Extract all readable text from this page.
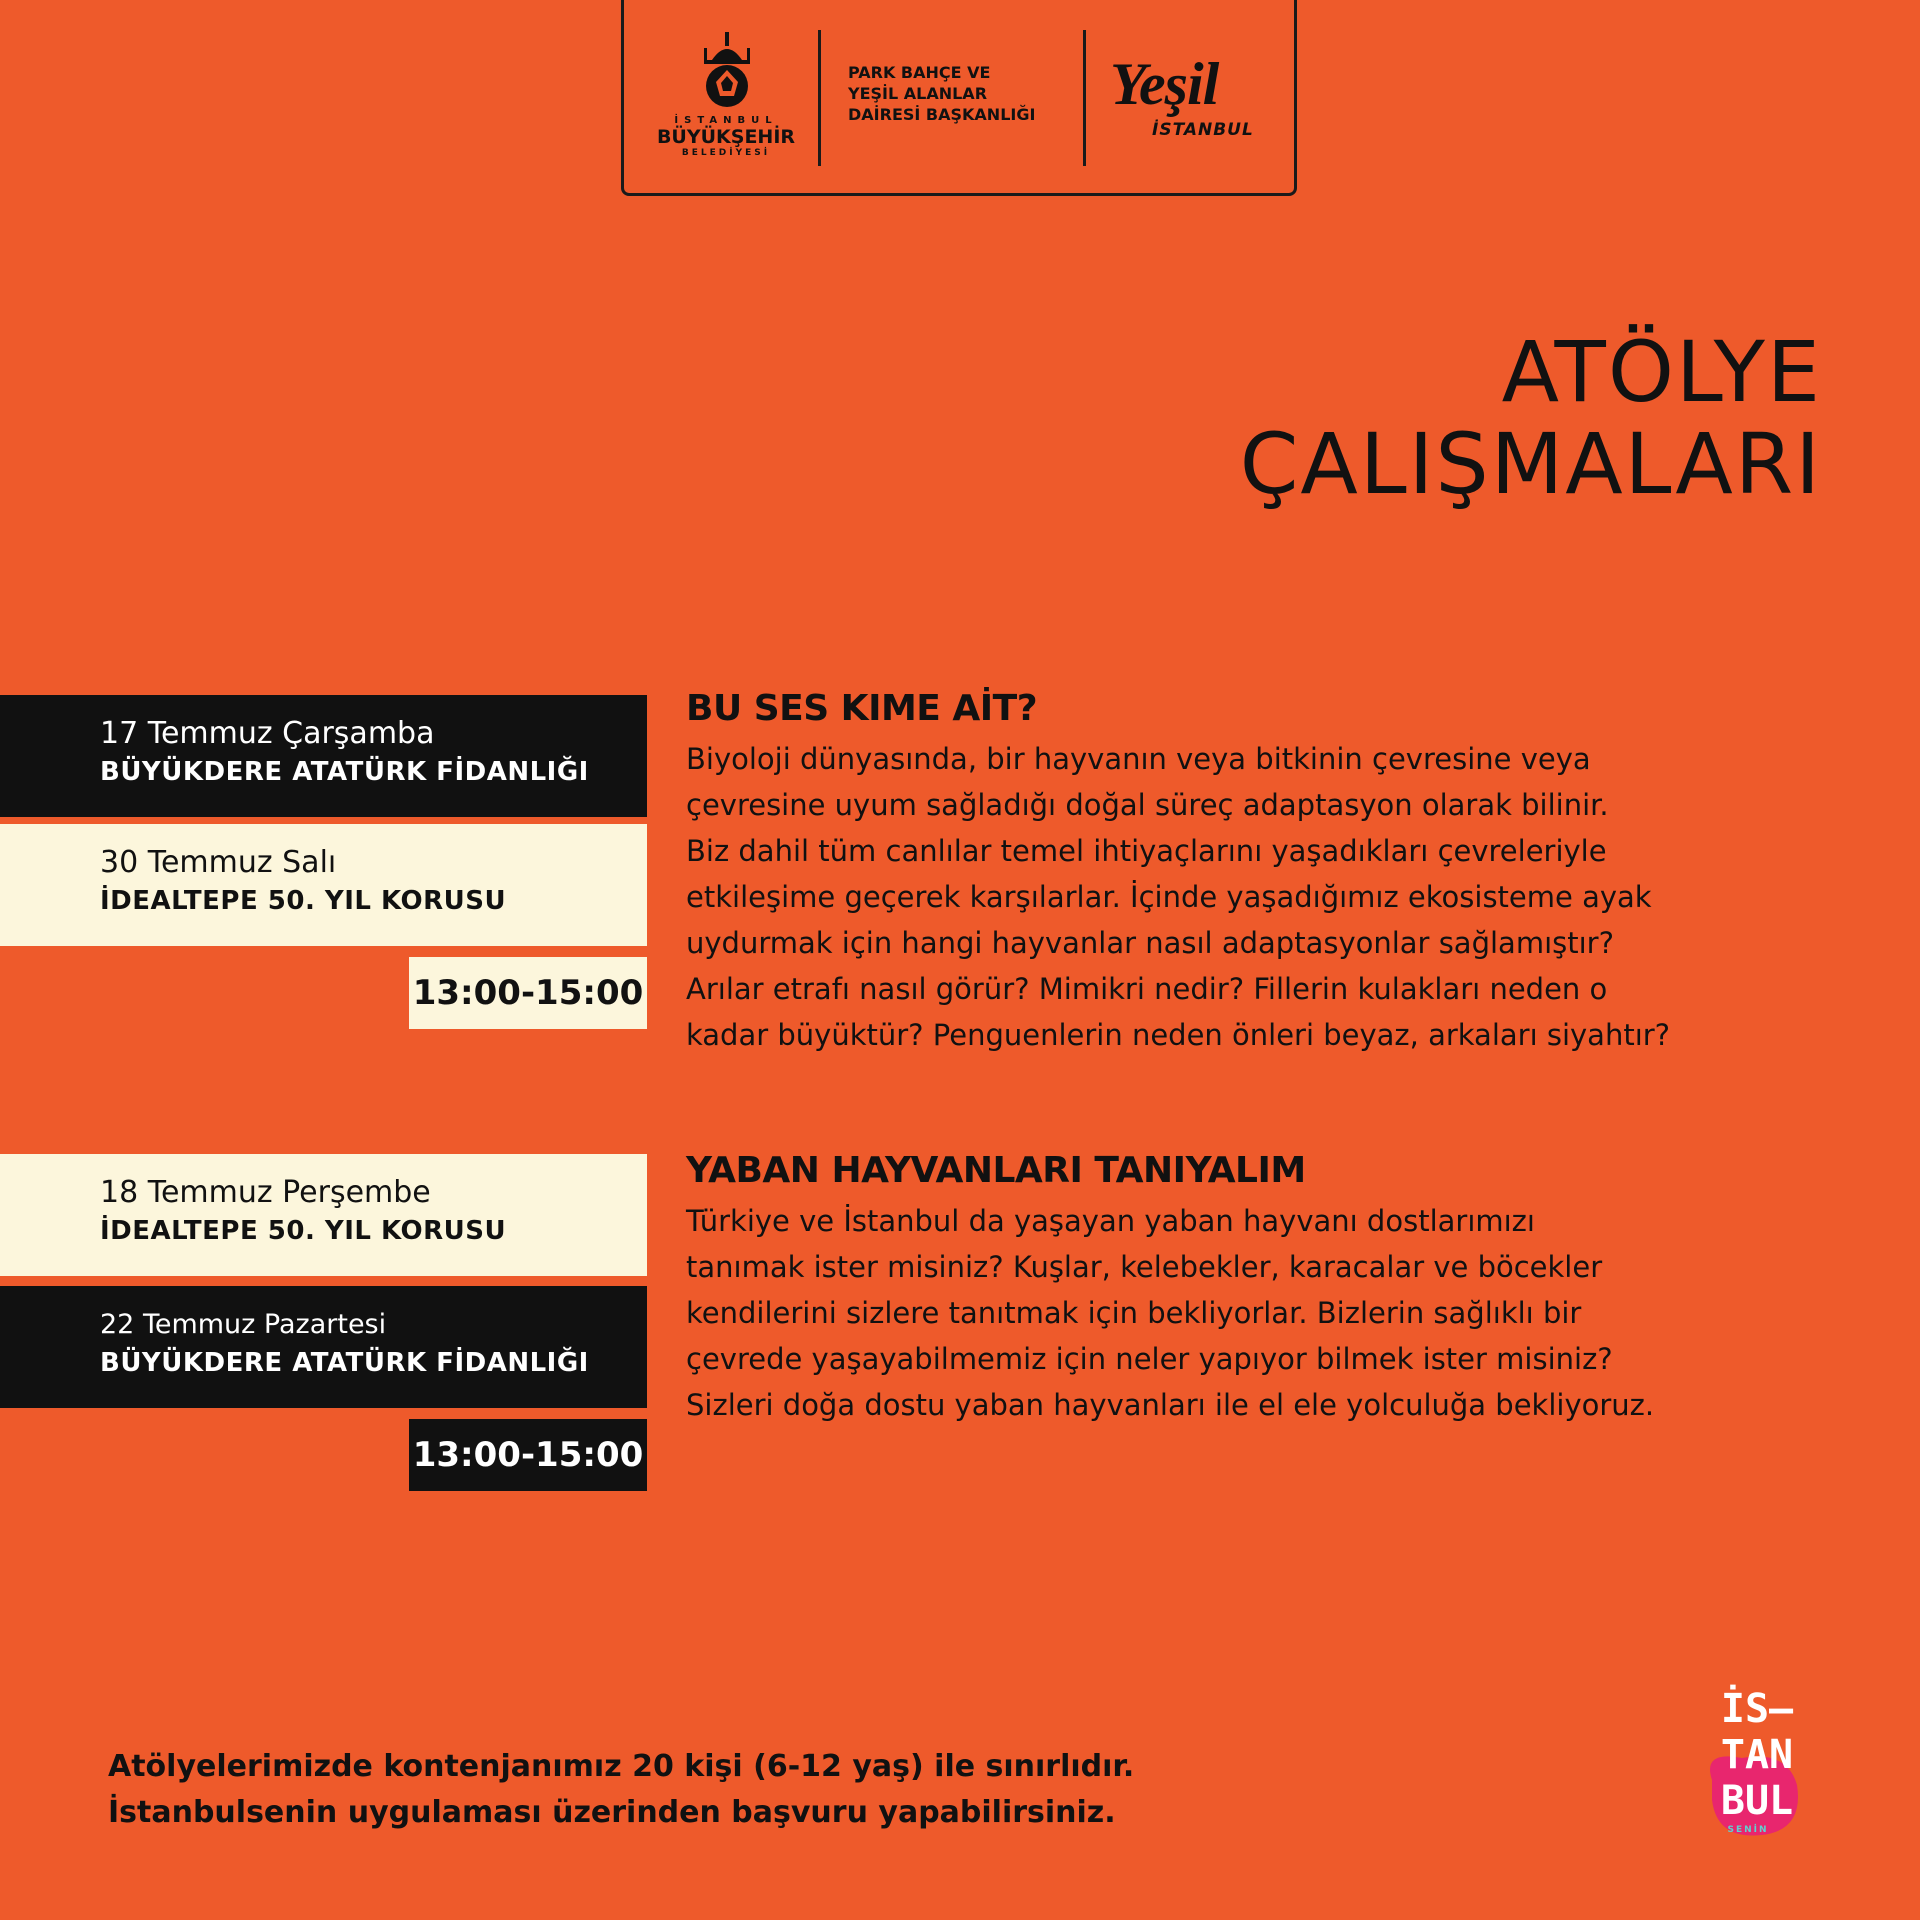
İSTANBUL
BÜYÜKŞEHİR
BELEDİYESİ
PARK BAHÇE VE
YEŞİL ALANLAR
DAİRESİ BAŞKANLIĞI	Yeşil
İSTANBUL
ATÖLYE
ÇALIŞMALARI
17 Temmuz Çarşamba
BÜYÜKDERE ATATÜRK FİDANLIĞI
30 Temmuz Salı
İDEALTEPE 50. YIL KORUSU
13:00-15:00
BU SES KIME AİT?
Biyoloji dünyasında, bir hayvanın veya bitkinin çevresine veya
çevresine uyum sağladığı doğal süreç adaptasyon olarak bilinir.
Biz dahil tüm canlılar temel ihtiyaçlarını yaşadıkları çevreleriyle
etkileşime geçerek karşılarlar. İçinde yaşadığımız ekosisteme ayak
uydurmak için hangi hayvanlar nasıl adaptasyonlar sağlamıştır?
Arılar etrafı nasıl görür? Mimikri nedir? Fillerin kulakları neden o
kadar büyüktür? Penguenlerin neden önleri beyaz, arkaları siyahtır?
18 Temmuz Perşembe
İDEALTEPE 50. YIL KORUSU
22 Temmuz Pazartesi
BÜYÜKDERE ATATÜRK FİDANLIĞI
13:00-15:00
YABAN HAYVANLARI TANIYALIM
Türkiye ve İstanbul da yaşayan yaban hayvanı dostlarımızı
tanımak ister misiniz? Kuşlar, kelebekler, karacalar ve böcekler
kendilerini sizlere tanıtmak için bekliyorlar. Bizlerin sağlıklı bir
çevrede yaşayabilmemiz için neler yapıyor bilmek ister misiniz?
Sizleri doğa dostu yaban hayvanları ile el ele yolculuğa bekliyoruz.
Atölyelerimizde kontenjanımız 20 kişi (6-12 yaş) ile sınırlıdır.
İstanbulsenin uygulaması üzerinden başvuru yapabilirsiniz.
İS–
TAN
BUL
SENİN
